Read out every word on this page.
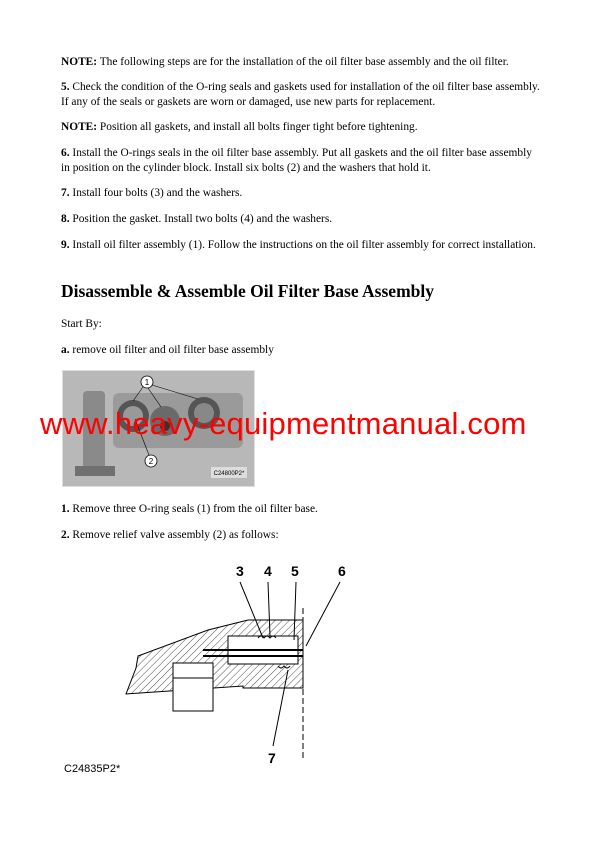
NOTE: The following steps are for the installation of the oil filter base assembly and the oil filter.
5. Check the condition of the O-ring seals and gaskets used for installation of the oil filter base assembly. If any of the seals or gaskets are worn or damaged, use new parts for replacement.
NOTE: Position all gaskets, and install all bolts finger tight before tightening.
6. Install the O-rings seals in the oil filter base assembly. Put all gaskets and the oil filter base assembly in position on the cylinder block. Install six bolts (2) and the washers that hold it.
7. Install four bolts (3) and the washers.
8. Position the gasket. Install two bolts (4) and the washers.
9. Install oil filter assembly (1). Follow the instructions on the oil filter assembly for correct installation.
Disassemble & Assemble Oil Filter Base Assembly
Start By:
a. remove oil filter and oil filter base assembly
1
2
C24800P2*
www.heavy-equipmentmanual.com
1. Remove three O-ring seals (1) from the oil filter base.
2. Remove relief valve assembly (2) as follows:
3 4 5	6
7
C24835P2*
